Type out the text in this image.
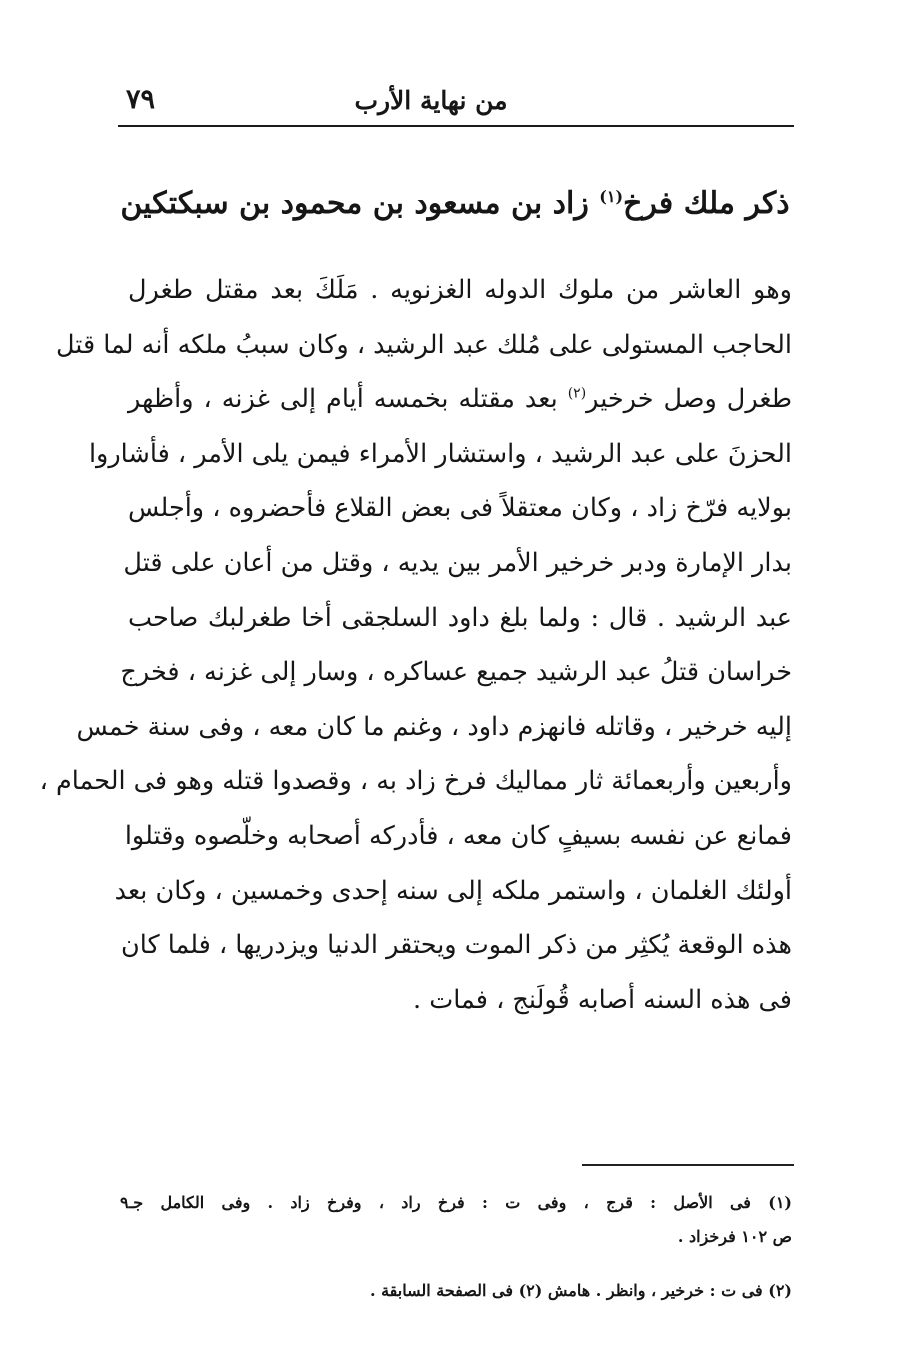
من نهاية الأرب
٧٩
ذكر ملك فرخ$^{(١)}$ زاد بن مسعود بن محمود بن سبكتكين
وهو العاشر من ملوك الدوله الغزنويه . مَلَكَ بعد مقتل طغرل
الحاجب المستولى على مُلك عبد الرشيد ، وكان سببُ ملكه أنه لما قتل
طغرل وصل خرخير$^{(٢)}$ بعد مقتله بخمسه أيام إلى غزنه ، وأظهر
الحزنَ على عبد الرشيد ، واستشار الأمراء فيمن يلى الأمر ، فأشاروا
بولايه فرّخ زاد ، وكان معتقلاً فى بعض القلاع فأحضروه ، وأجلس
بدار الإمارة ودبر خرخير الأمر بين يديه ، وقتل من أعان على قتل
عبد الرشيد . قال : ولما بلغ داود السلجقى أخا طغرلبك صاحب
خراسان قتلُ عبد الرشيد جميع عساكره ، وسار إلى غزنه ، فخرج
إليه خرخير ، وقاتله فانهزم داود ، وغنم ما كان معه ، وفى سنة خمس
وأربعين وأربعمائة ثار مماليك فرخ زاد به ، وقصدوا قتله وهو فى الحمام ،
فمانع عن نفسه بسيفٍ كان معه ، فأدركه أصحابه وخلّصوه وقتلوا
أولئك الغلمان ، واستمر ملكه إلى سنه إحدى وخمسين ، وكان بعد
هذه الوقعة يُكثِر من ذكر الموت ويحتقر الدنيا ويزدريها ، فلما كان
فى هذه السنه أصابه قُولَنج ، فمات .
(١) فى الأصل : قرج ، وفى ت : فرخ راد ، وفرخ زاد . وفى الكامل جـ٩
ص ١٠٢ فرخزاد .
(٢) فى ت : خرخير ، وانظر . هامش (٢) فى الصفحة السابقة .
